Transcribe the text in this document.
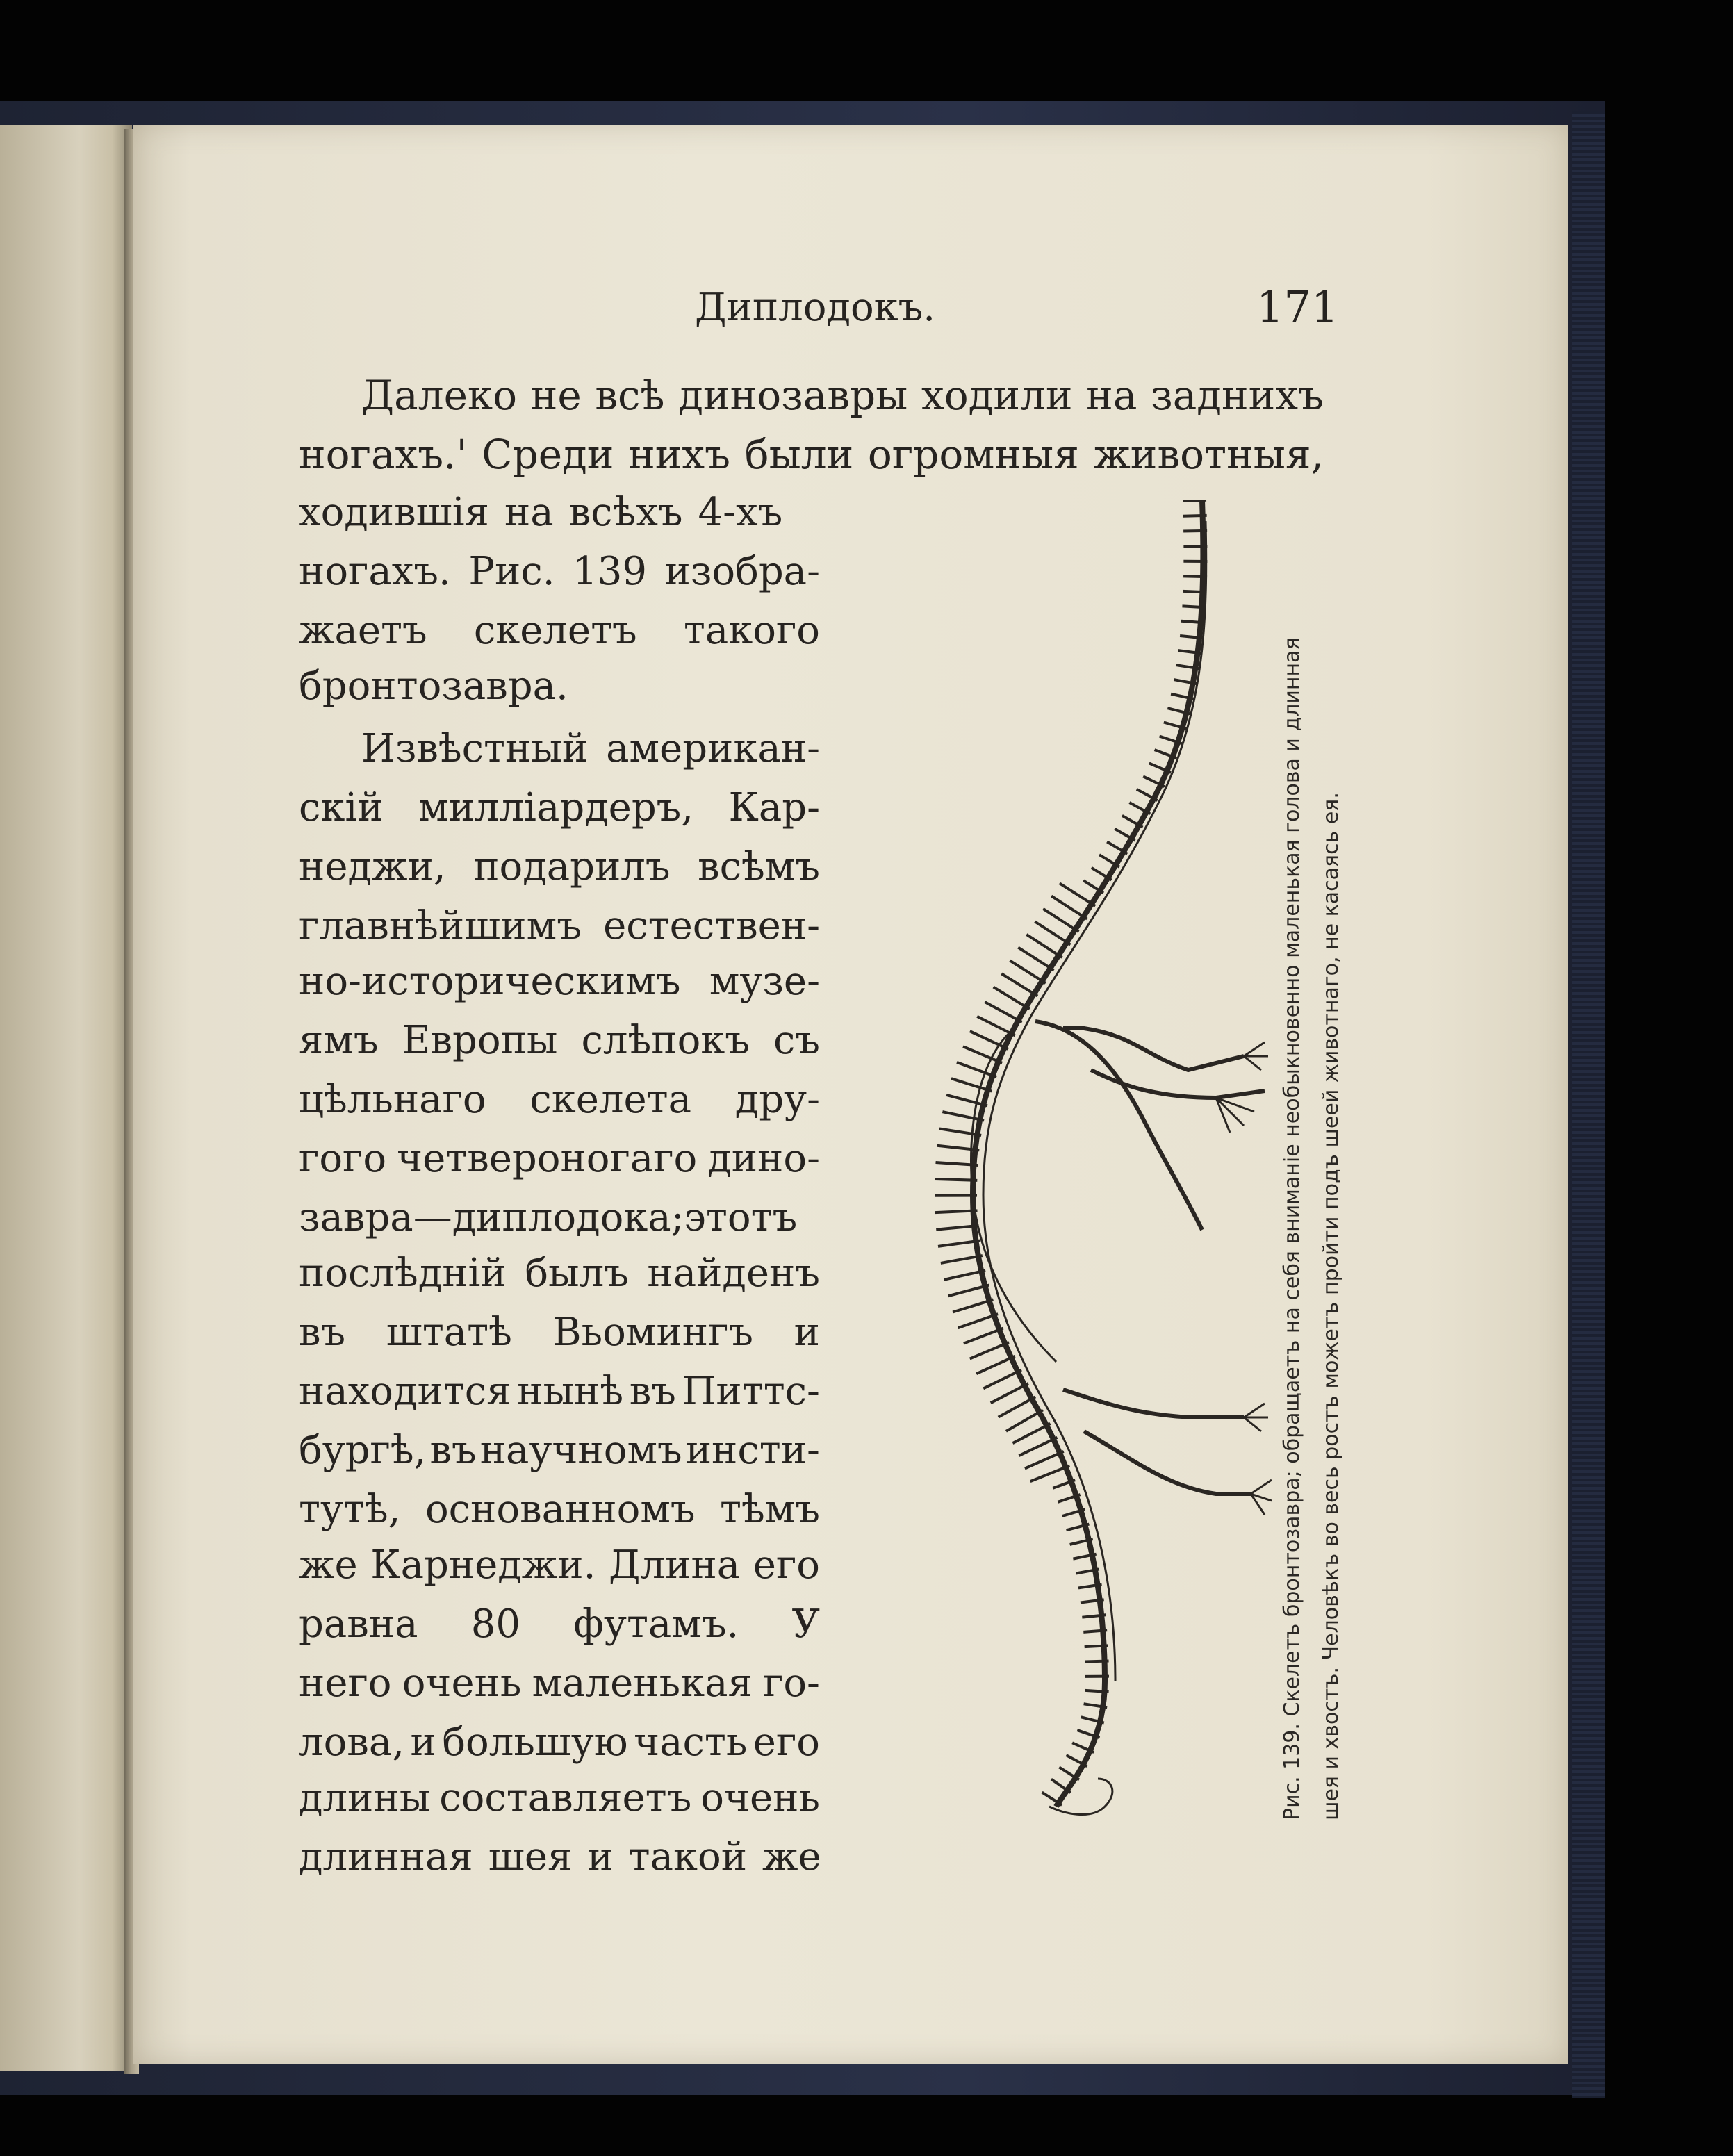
Диплодокъ.	171
Далеко не всѣ динозавры ходили на заднихъ
ногахъ.' Среди нихъ были огромныя животныя,
ходившія на всѣхъ 4-хъ
ногахъ. Рис. 139 изобра-
жаетъ скелетъ такого
бронтозавра.
Извѣстный американ-
скій милліардеръ, Кар-
неджи, подарилъ всѣмъ
главнѣйшимъ естествен-
но-историческимъ музе-
ямъ Европы слѣпокъ съ
цѣльнаго скелета дру-
гого четвероногаго дино-
завра—диплодока;этотъ
послѣдній былъ найденъ
въ штатѣ Вьомингъ и
находится нынѣ въ Питтс-
бургѣ, въ научномъ инсти-
тутѣ, основанномъ тѣмъ
же Карнеджи. Длина его
равна 80 футамъ. У
него очень маленькая го-
лова, и большую часть его
длины составляетъ очень
длинная шея и такой же
Рис. 139. Скелетъ бронтозавра; обращаетъ на себя вниманіе необыкновенно маленькая голова и длинная шея и хвостъ. Человѣкъ во весь ростъ можетъ пройти подъ шеей животнаго, не касаясь ея.
